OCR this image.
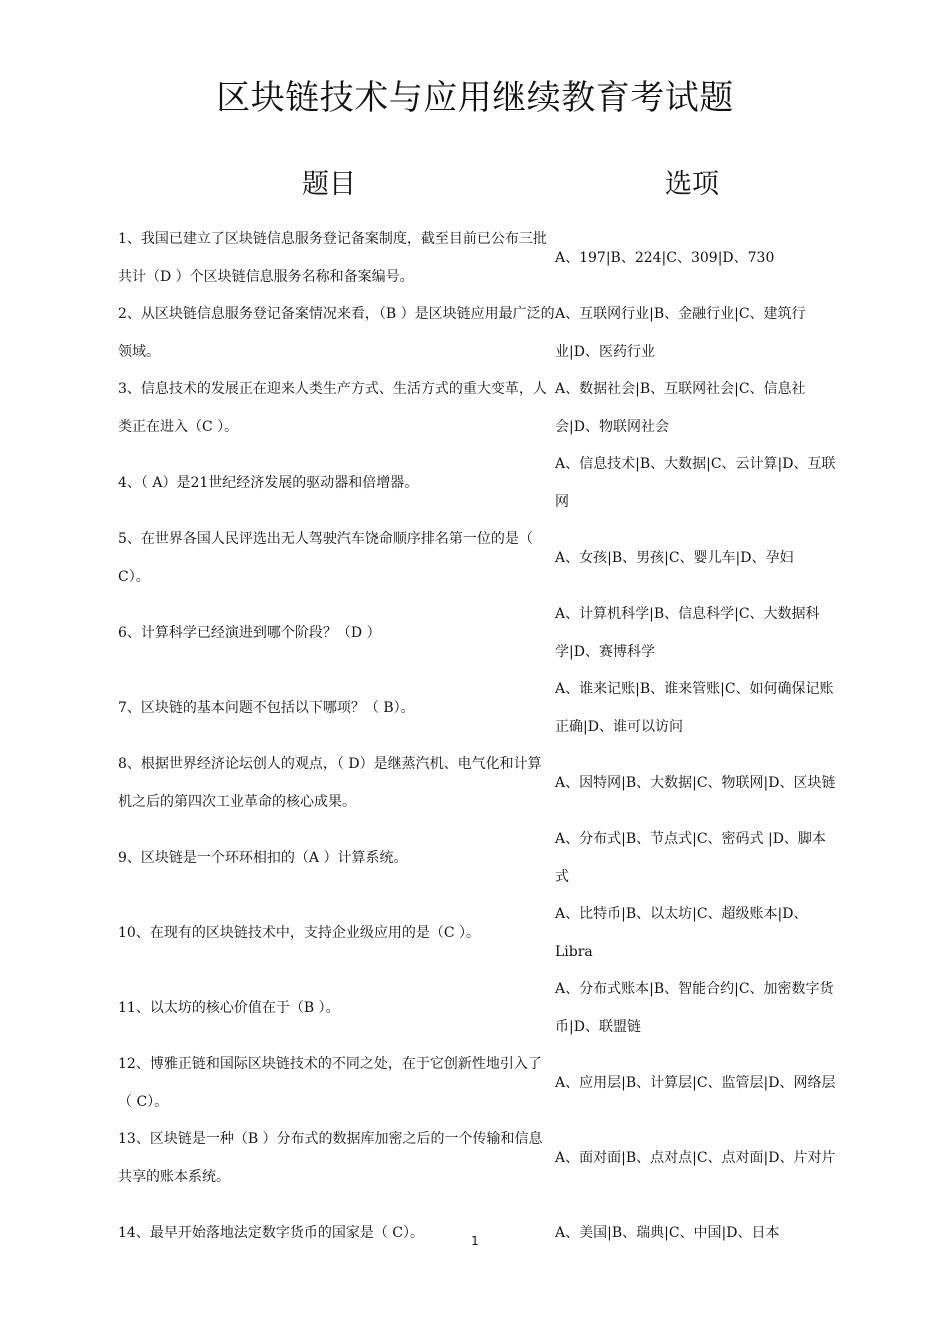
区块链技术与应用继续教育考试题
题目	选项
1、我国已建立了区块链信息服务登记备案制度，截至目前已公布三批共计（D ）个区块链信息服务名称和备案编号。
A、197|B、224|C、309|D、730
2、从区块链信息服务登记备案情况来看，（B ）是区块链应用最广泛的领域。
A、互联网行业|B、金融行业|C、建筑行业|D、医药行业
3、信息技术的发展正在迎来人类生产方式、生活方式的重大变革，人类正在进入（C ）。
A、数据社会|B、互联网社会|C、信息社会|D、物联网社会
4、（ A）是21世纪经济发展的驱动器和倍增器。
A、信息技术|B、大数据|C、云计算|D、互联网
5、在世界各国人民评选出无人驾驶汽车饶命顺序排名第一位的是（ C）。
A、女孩|B、男孩|C、婴儿车|D、孕妇
6、计算科学已经演进到哪个阶段？（D ）
A、计算机科学|B、信息科学|C、大数据科学|D、赛博科学
7、区块链的基本问题不包括以下哪项？（ B）。
A、谁来记账|B、谁来管账|C、如何确保记账正确|D、谁可以访问
8、根据世界经济论坛创人的观点，（ D）是继蒸汽机、电气化和计算机之后的第四次工业革命的核心成果。
A、因特网|B、大数据|C、物联网|D、区块链
9、区块链是一个环环相扣的（A ）计算系统。
A、分布式|B、节点式|C、密码式 |D、脚本式
10、在现有的区块链技术中，支持企业级应用的是（C ）。
A、比特币|B、以太坊|C、超级账本|D、Libra
11、以太坊的核心价值在于（B ）。
A、分布式账本|B、智能合约|C、加密数字货币|D、联盟链
12、博雅正链和国际区块链技术的不同之处，在于它创新性地引入了（ C）。
A、应用层|B、计算层|C、监管层|D、网络层
13、区块链是一种（B ）分布式的数据库加密之后的一个传输和信息共享的账本系统。
A、面对面|B、点对点|C、点对面|D、片对片
14、最早开始落地法定数字货币的国家是（ C）。	A、美国|B、瑞典|C、中国|D、日本
1
